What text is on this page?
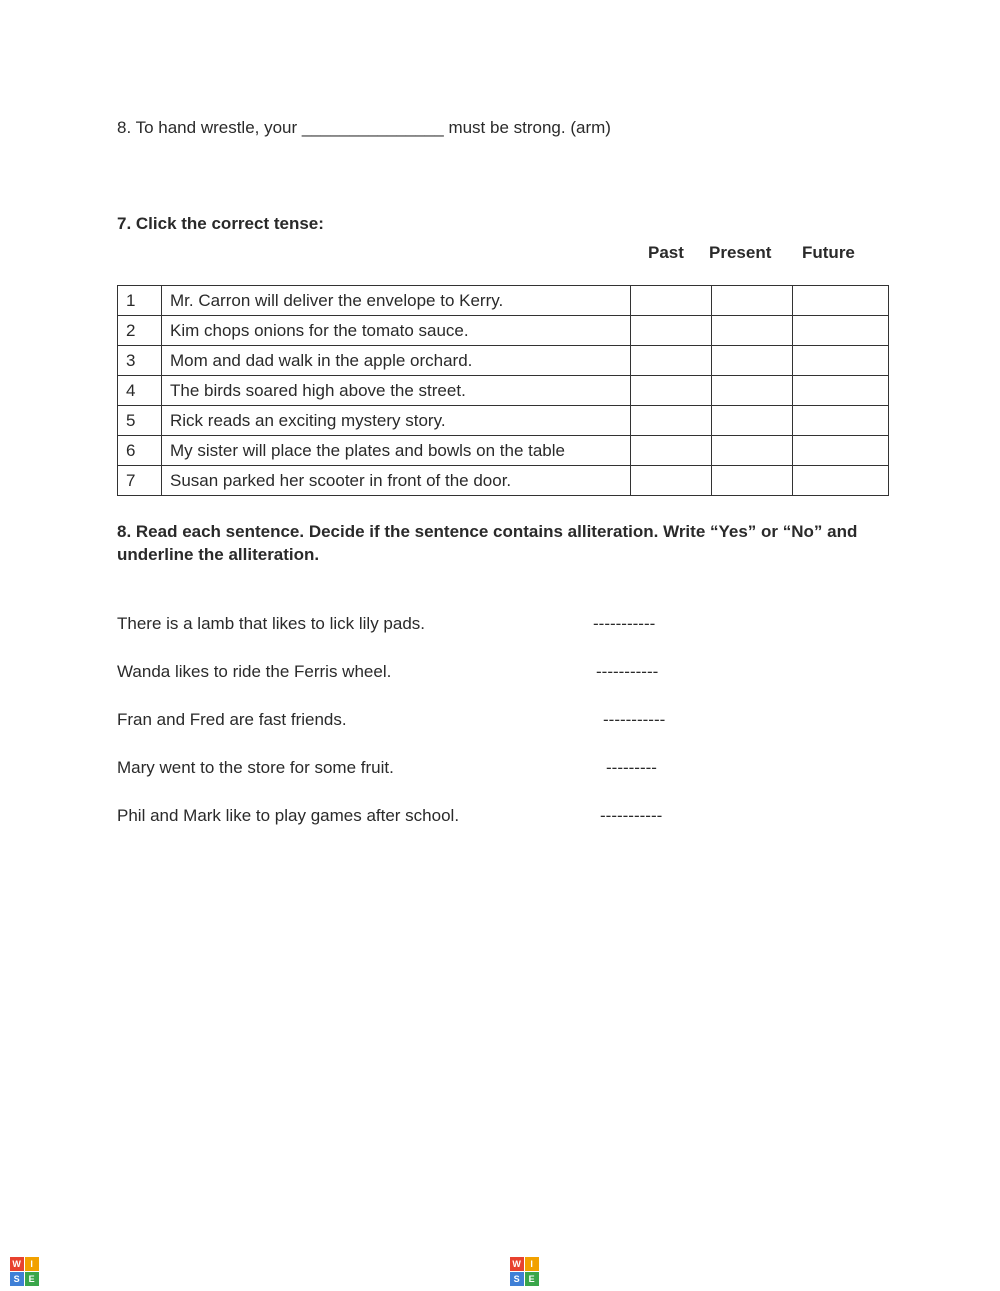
8. To hand wrestle, your _______________ must be strong. (arm)
7. Click the correct tense:
Past Present Future
1	Mr. Carron will deliver the envelope to Kerry.			
2	Kim chops onions for the tomato sauce.			
3	Mom and dad walk in the apple orchard.			
4	The birds soared high above the street.			
5	Rick reads an exciting mystery story.			
6	My sister will place the plates and bowls on the table			
7	Susan parked her scooter in front of the door.			
8. Read each sentence. Decide if the sentence contains alliteration. Write “Yes” or “No” and
underline the alliteration.
There is a lamb that likes to lick lily pads.	-----------
Wanda likes to ride the Ferris wheel.	-----------
Fran and Fred are fast friends.	-----------
Mary went to the store for some fruit.	---------
Phil and Mark like to play games after school.	-----------
W	I
S E WISEWORKSHEETS.COM	W	I
S E WISEWORKSHEETS.COM
